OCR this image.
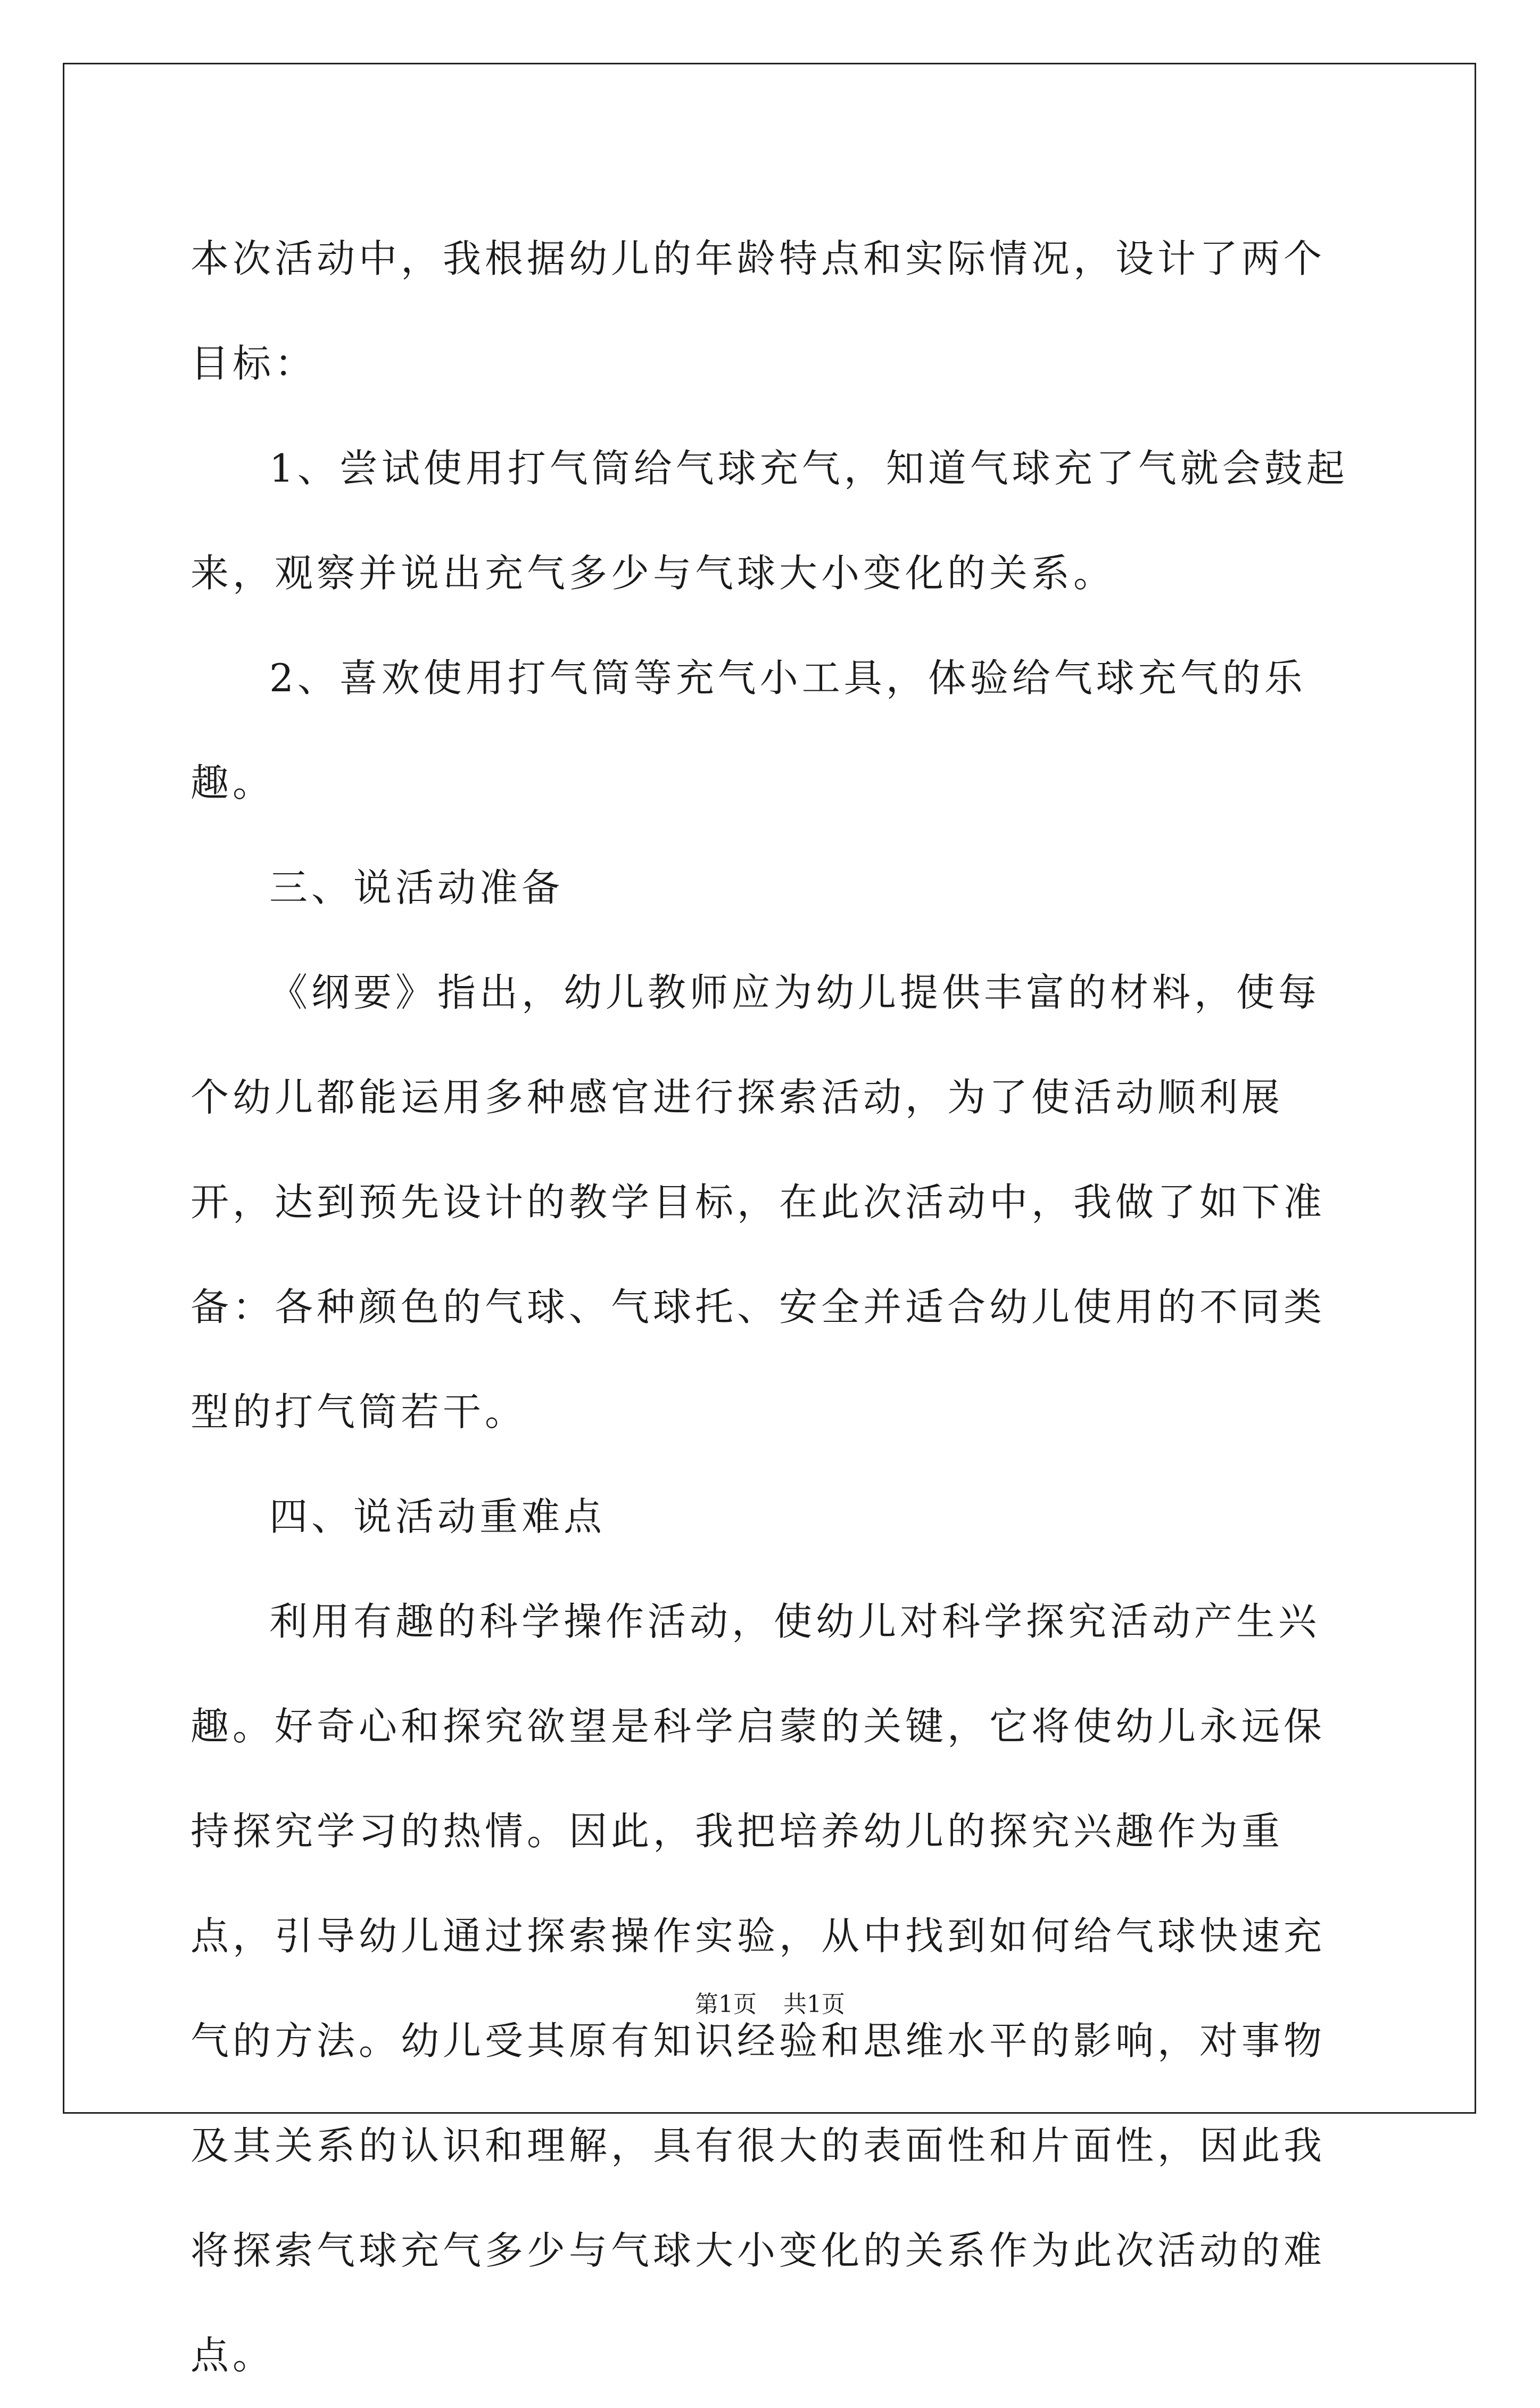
本次活动中，我根据幼儿的年龄特点和实际情况，设计了两个目标：

1、尝试使用打气筒给气球充气，知道气球充了气就会鼓起来，观察并说出充气多少与气球大小变化的关系。

2、喜欢使用打气筒等充气小工具，体验给气球充气的乐趣。

三、说活动准备

《纲要》指出，幼儿教师应为幼儿提供丰富的材料，使每个幼儿都能运用多种感官进行探索活动，为了使活动顺利展开，达到预先设计的教学目标，在此次活动中，我做了如下准备：各种颜色的气球、气球托、安全并适合幼儿使用的不同类型的打气筒若干。

四、说活动重难点

利用有趣的科学操作活动，使幼儿对科学探究活动产生兴趣。好奇心和探究欲望是科学启蒙的关键，它将使幼儿永远保持探究学习的热情。因此，我把培养幼儿的探究兴趣作为重点，引导幼儿通过探索操作实验，从中找到如何给气球快速充气的方法。幼儿受其原有知识经验和思维水平的影响，对事物及其关系的认识和理解，具有很大的表面性和片面性，因此我将探索气球充气多少与气球大小变化的关系作为此次活动的难点。

第1页 共1页
